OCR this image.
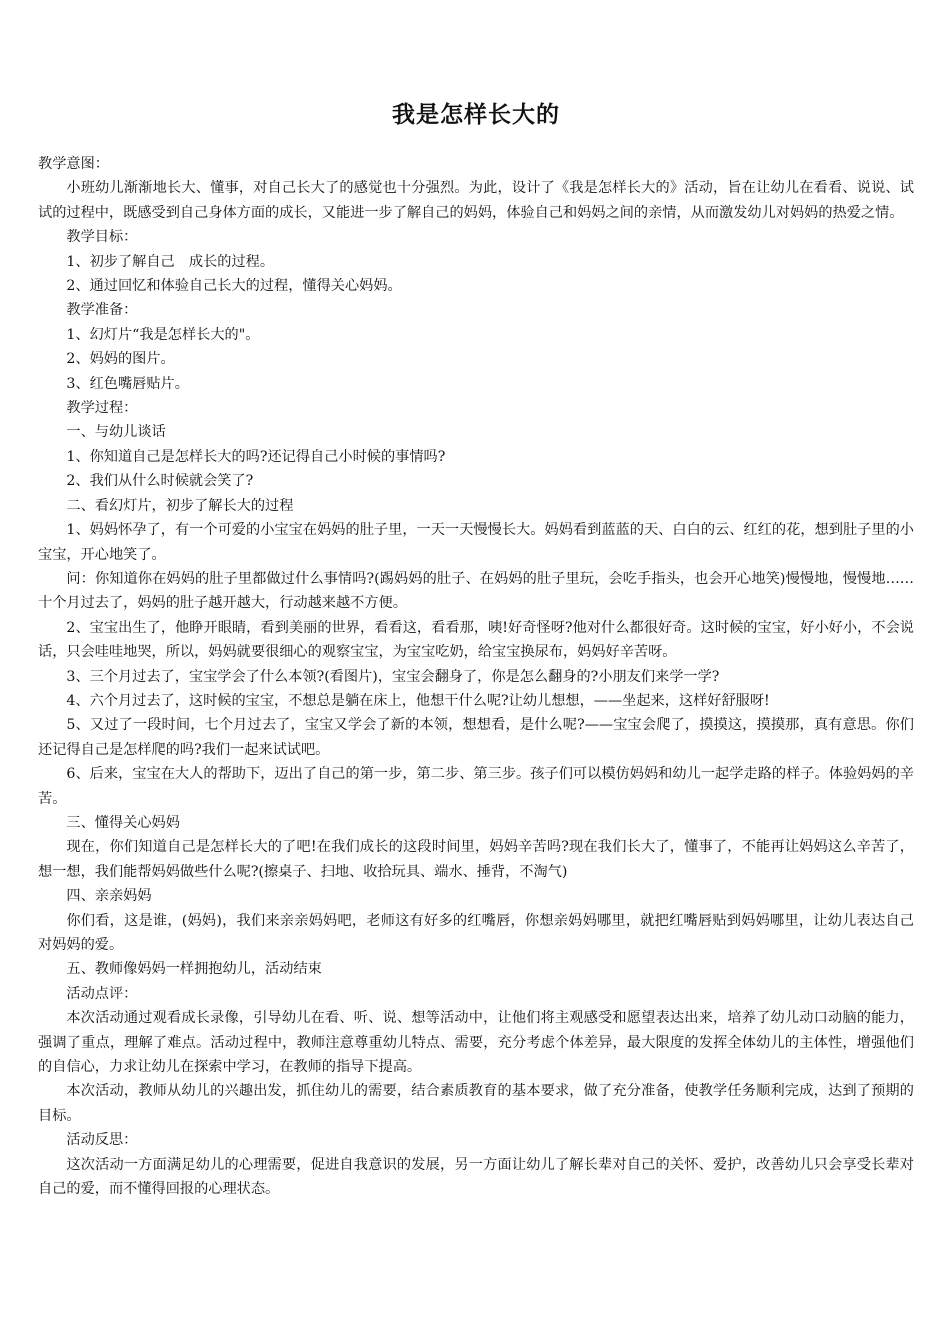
我是怎样长大的

教学意图：

小班幼儿渐渐地长大、懂事，对自己长大了的感觉也十分强烈。为此，设计了《我是怎样长大的》活动，旨在让幼儿在看看、说说、试试的过程中，既感受到自己身体方面的成长，又能进一步了解自己的妈妈，体验自己和妈妈之间的亲情，从而激发幼儿对妈妈的热爱之情。

教学目标：

1、初步了解自己　成长的过程。

2、通过回忆和体验自己长大的过程，懂得关心妈妈。

教学准备：

1、幻灯片“我是怎样长大的"。

2、妈妈的图片。

3、红色嘴唇贴片。

教学过程：

一、与幼儿谈话

1、你知道自己是怎样长大的吗?还记得自己小时候的事情吗?

2、我们从什么时候就会笑了?

二、看幻灯片，初步了解长大的过程

1、妈妈怀孕了，有一个可爱的小宝宝在妈妈的肚子里，一天一天慢慢长大。妈妈看到蓝蓝的天、白白的云、红红的花，想到肚子里的小宝宝，开心地笑了。

问：你知道你在妈妈的肚子里都做过什么事情吗?(踢妈妈的肚子、在妈妈的肚子里玩，会吃手指头，也会开心地笑)慢慢地，慢慢地……十个月过去了，妈妈的肚子越开越大，行动越来越不方便。

2、宝宝出生了，他睁开眼睛，看到美丽的世界，看看这，看看那，咦!好奇怪呀?他对什么都很好奇。这时候的宝宝，好小好小，不会说话，只会哇哇地哭，所以，妈妈就要很细心的观察宝宝，为宝宝吃奶，给宝宝换尿布，妈妈好辛苦呀。

3、三个月过去了，宝宝学会了什么本领?(看图片)，宝宝会翻身了，你是怎么翻身的?小朋友们来学一学?

4、六个月过去了，这时候的宝宝，不想总是躺在床上，他想干什么呢?让幼儿想想，——坐起来，这样好舒服呀!

5、又过了一段时间，七个月过去了，宝宝又学会了新的本领，想想看，是什么呢?——宝宝会爬了，摸摸这，摸摸那，真有意思。你们还记得自己是怎样爬的吗?我们一起来试试吧。

6、后来，宝宝在大人的帮助下，迈出了自己的第一步，第二步、第三步。孩子们可以模仿妈妈和幼儿一起学走路的样子。体验妈妈的辛苦。

三、懂得关心妈妈

现在，你们知道自己是怎样长大的了吧!在我们成长的这段时间里，妈妈辛苦吗?现在我们长大了，懂事了，不能再让妈妈这么辛苦了，想一想，我们能帮妈妈做些什么呢?(擦桌子、扫地、收拾玩具、端水、捶背，不淘气)

四、亲亲妈妈

你们看，这是谁，(妈妈)，我们来亲亲妈妈吧，老师这有好多的红嘴唇，你想亲妈妈哪里，就把红嘴唇贴到妈妈哪里，让幼儿表达自己对妈妈的爱。

五、教师像妈妈一样拥抱幼儿，活动结束

活动点评：

本次活动通过观看成长录像，引导幼儿在看、听、说、想等活动中，让他们将主观感受和愿望表达出来，培养了幼儿动口动脑的能力，强调了重点，理解了难点。活动过程中，教师注意尊重幼儿特点、需要，充分考虑个体差异，最大限度的发挥全体幼儿的主体性，增强他们的自信心，力求让幼儿在探索中学习，在教师的指导下提高。

本次活动，教师从幼儿的兴趣出发，抓住幼儿的需要，结合素质教育的基本要求，做了充分准备，使教学任务顺利完成，达到了预期的目标。

活动反思：

这次活动一方面满足幼儿的心理需要，促进自我意识的发展，另一方面让幼儿了解长辈对自己的关怀、爱护，改善幼儿只会享受长辈对自己的爱，而不懂得回报的心理状态。
